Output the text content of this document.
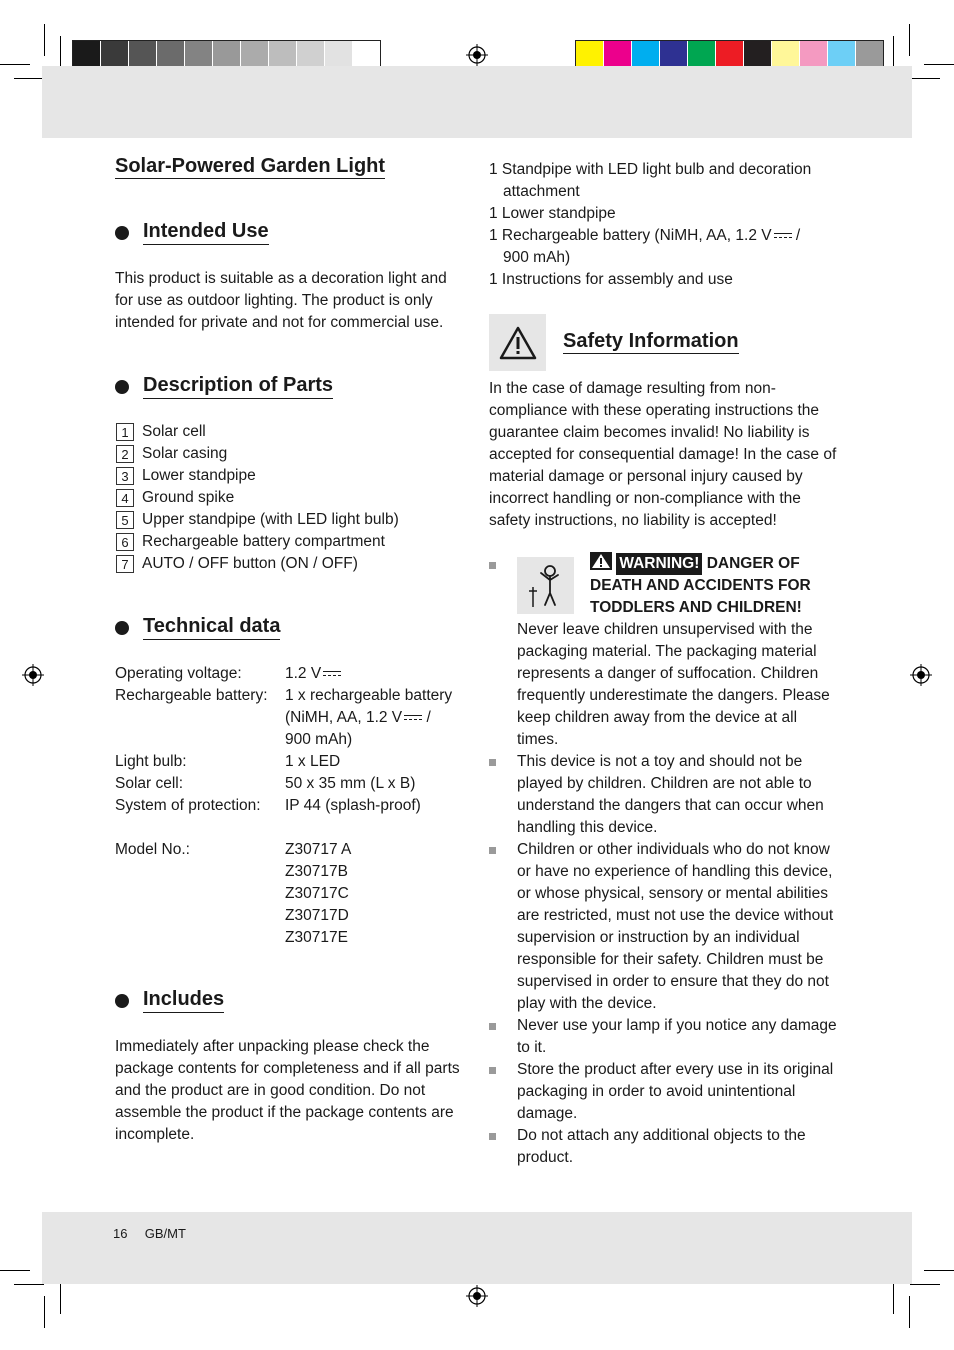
Solar-Powered Garden Light
Intended Use
This product is suitable as a decoration light and for use as outdoor lighting. The product is only intended for private and not for commercial use.
Description of Parts
1 Solar cell
2 Solar casing
3 Lower standpipe
4 Ground spike
5 Upper standpipe (with LED light bulb)
6 Rechargeable battery compartment
7 AUTO / OFF button (ON / OFF)
Technical data
Operating voltage:	1.2 V
Rechargeable battery:	1 x rechargeable battery
(NiMH, AA, 1.2 V /
900 mAh)
Light bulb:	1 x LED
Solar cell:	50 x 35 mm (L x B)
System of protection:	IP 44 (splash-proof)
Model No.:	Z30717 A
Z30717B
Z30717C
Z30717D
Z30717E
Includes
Immediately after unpacking please check the package contents for completeness and if all parts and the product are in good condition. Do not assemble the product if the package contents are incomplete.
1 Standpipe with LED light bulb and decoration
attachment
1 Lower standpipe
1 Rechargeable battery (NiMH, AA, 1.2 V /
900 mAh)
1 Instructions for assembly and use
Safety Information
In the case of damage resulting from non-compliance with these operating instructions the guarantee claim becomes invalid! No liability is accepted for consequential damage! In the case of material damage or personal injury caused by incorrect handling or non-compliance with the safety instructions, no liability is accepted!
WARNING! DANGER OF
DEATH AND ACCIDENTS FOR
TODDLERS AND CHILDREN!
Never leave children unsupervised with the packaging material. The packaging material represents a danger of suffocation. Children frequently underestimate the dangers. Please keep children away from the device at all times.
This device is not a toy and should not be played by children. Children are not able to understand the dangers that can occur when handling this device.
Children or other individuals who do not know or have no experience of handling this device, or whose physical, sensory or mental abilities are restricted, must not use the device without supervision or instruction by an individual responsible for their safety. Children must be supervised in order to ensure that they do not play with the device.
Never use your lamp if you notice any damage to it.
Store the product after every use in its original packaging in order to avoid unintentional damage.
Do not attach any additional objects to the product.
16 GB/MT
